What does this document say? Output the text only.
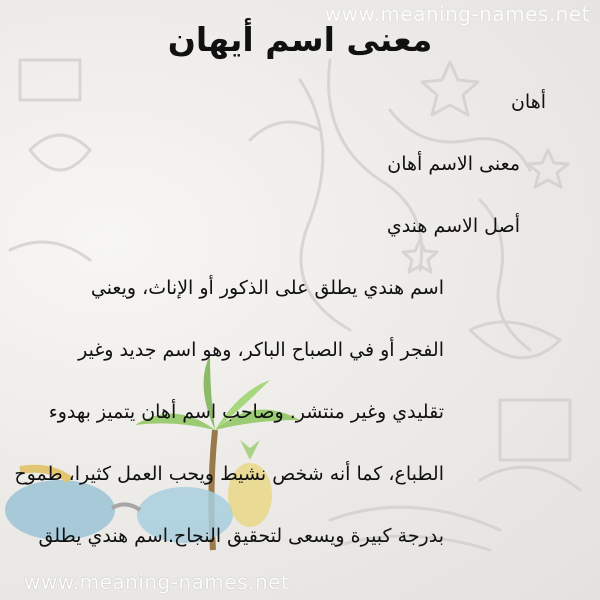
www.meaning-names.net
معنى اسم أيهان
أهان
معنى الاسم أهان
أصل الاسم هندي
اسم هندي يطلق على الذكور أو الإناث، ويعني
الفجر أو في الصباح الباكر، وهو اسم جديد وغير
تقليدي وغير منتشر. وصاحب اسم أهان يتميز بهدوء
الطباع، كما أنه شخص نشيط ويحب العمل كثيرا، طموح
بدرجة كبيرة ويسعى لتحقيق النجاح.اسم هندي يطلق
www.meaning-names.net
